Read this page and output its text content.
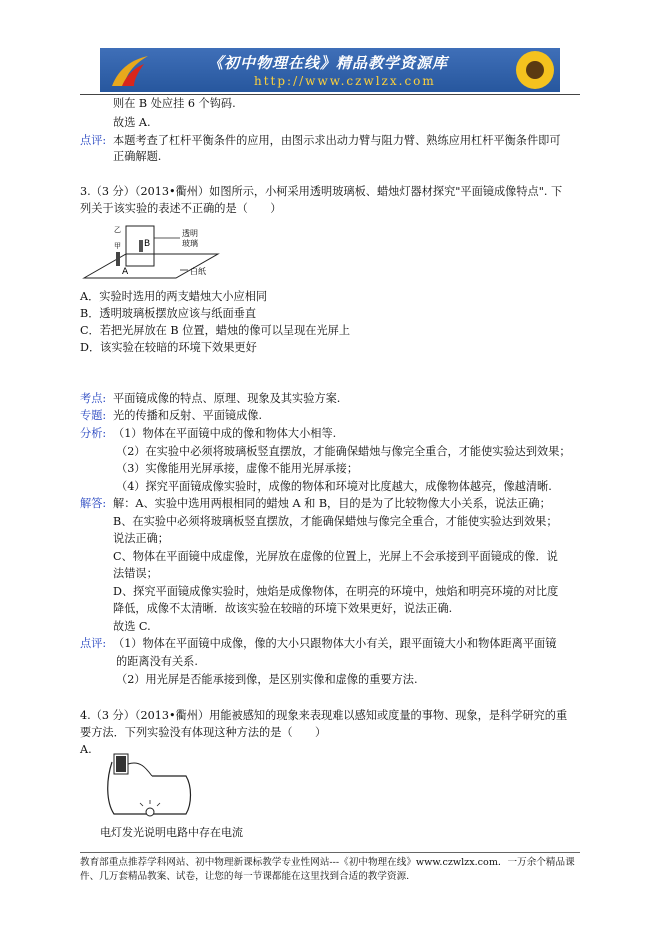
《初中物理在线》精品教学资源库
http://www.czwlzx.com
则在 B 处应挂 6 个钩码.
故选 A.
点评: 本题考查了杠杆平衡条件的应用，由图示求出动力臂与阻力臂、熟练应用杠杆平衡条件即可
正确解题.
3.（3 分）（2013•衢州）如图所示，小柯采用透明玻璃板、蜡烛灯器材探究"平面镜成像特点". 下
列关于该实验的表述不正确的是（　　）
乙
甲	B
A
透明
玻璃
白纸
A．实验时选用的两支蜡烛大小应相同
B．透明玻璃板摆放应该与纸面垂直
C．若把光屏放在 B 位置，蜡烛的像可以呈现在光屏上
D．该实验在较暗的环境下效果更好
考点: 平面镜成像的特点、原理、现象及其实验方案.
专题: 光的传播和反射、平面镜成像.
分析: （1）物体在平面镜中成的像和物体大小相等.
（2）在实验中必须将玻璃板竖直摆放，才能确保蜡烛与像完全重合，才能使实验达到效果；
（3）实像能用光屏承接，虚像不能用光屏承接；
（4）探究平面镜成像实验时，成像的物体和环境对比度越大，成像物体越亮，像越清晰.
解答: 解：A、实验中选用两根相同的蜡烛 A 和 B，目的是为了比较物像大小关系，说法正确；
B、在实验中必须将玻璃板竖直摆放，才能确保蜡烛与像完全重合，才能使实验达到效果；
说法正确；
C、物体在平面镜中成虚像，光屏放在虚像的位置上，光屏上不会承接到平面镜成的像．说
法错误；
D、探究平面镜成像实验时，烛焰是成像物体，在明亮的环境中，烛焰和明亮环境的对比度
降低，成像不太清晰．故该实验在较暗的环境下效果更好，说法正确.
故选 C.
点评: （1）物体在平面镜中成像，像的大小只跟物体大小有关，跟平面镜大小和物体距离平面镜
的距离没有关系.
（2）用光屏是否能承接到像，是区别实像和虚像的重要方法.
4.（3 分）（2013•衢州）用能被感知的现象来表现难以感知或度量的事物、现象，是科学研究的重
要方法．下列实验没有体现这种方法的是（　　）
A.
电灯发光说明电路中存在电流
教育部重点推荐学科网站、初中物理新课标教学专业性网站---《初中物理在线》www.czwlzx.com．一万余个精品课
件、几万套精品教案、试卷，让您的每一节课都能在这里找到合适的教学资源.
